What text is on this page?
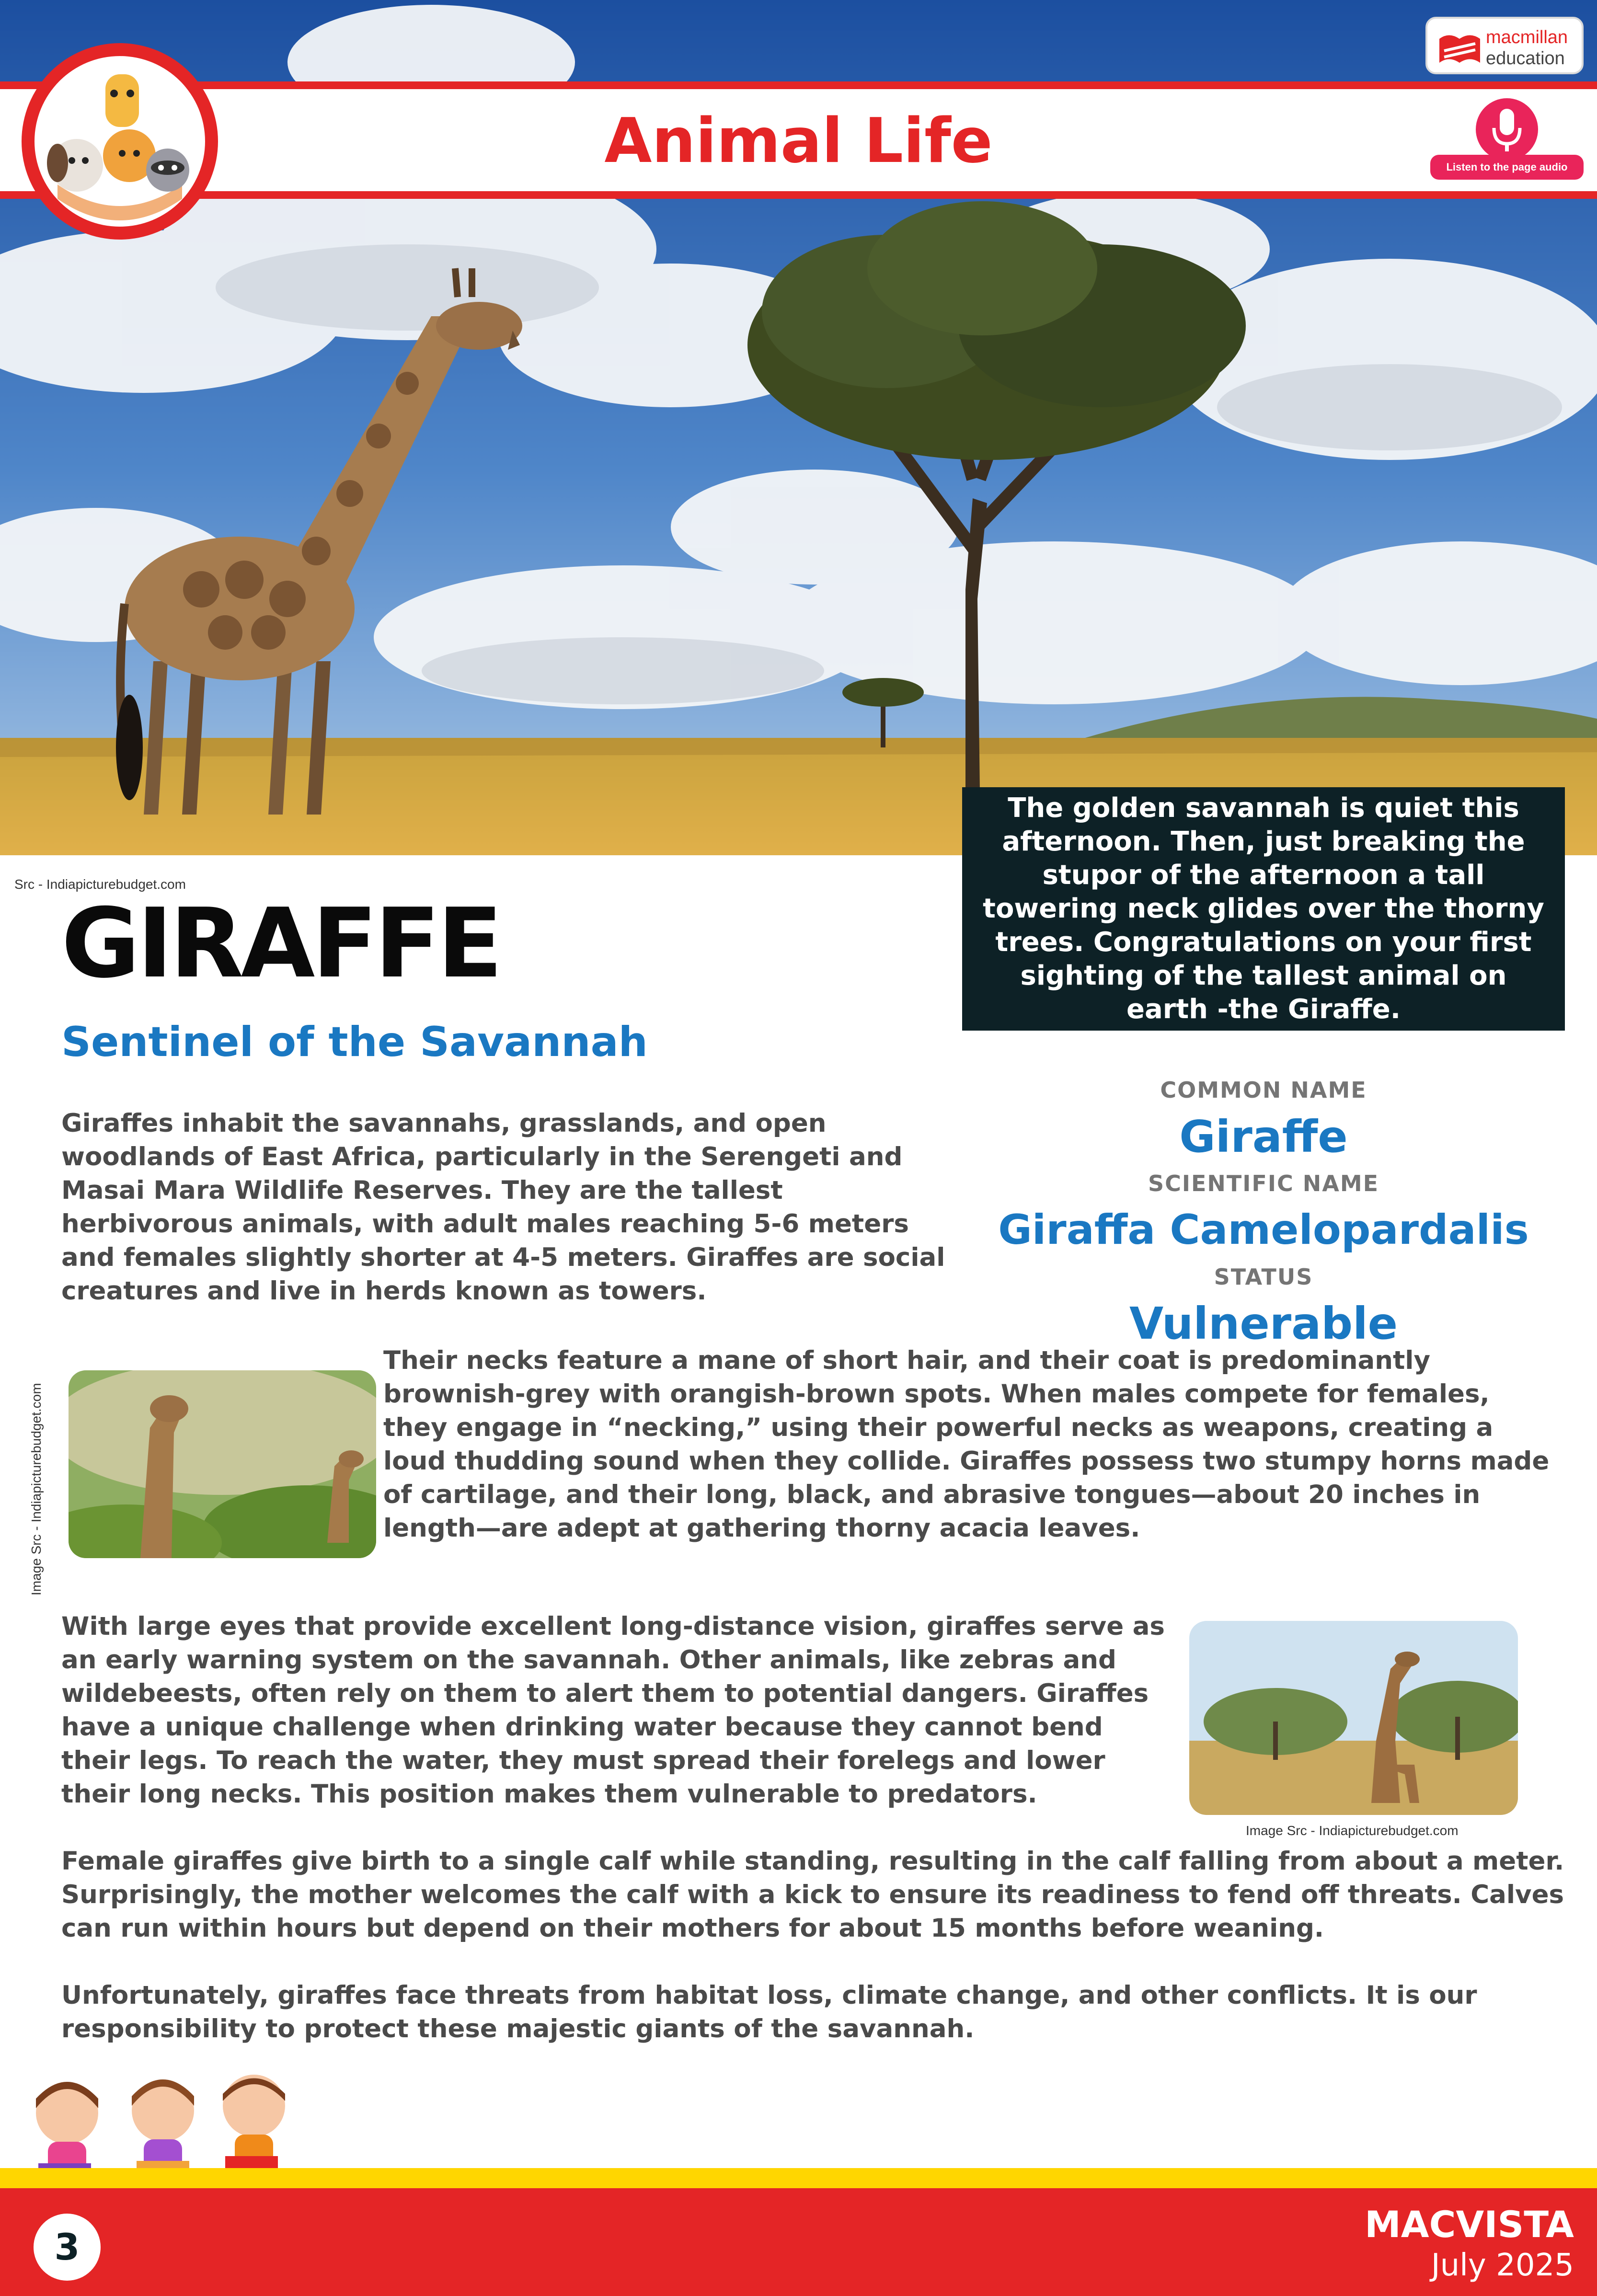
Animal Life
macmillan
education
Listen to the page audio
Src - Indiapicturebudget.com

The golden savannah is quiet this afternoon. Then, just breaking the stupor of the afternoon a tall towering neck glides over the thorny trees. Congratulations on your first sighting of the tallest animal on earth -the Giraffe.

GIRAFFE
Sentinel of the Savannah
COMMON NAME
Giraffe
SCIENTIFIC NAME
Giraffa Camelopardalis
STATUS
Vulnerable
Giraffes inhabit the savannahs, grasslands, and open woodlands of East Africa, particularly in the Serengeti and Masai Mara Wildlife Reserves. They are the tallest herbivorous animals, with adult males reaching 5-6 meters and females slightly shorter at 4-5 meters. Giraffes are social creatures and live in herds known as towers.
Their necks feature a mane of short hair, and their coat is predominantly brownish-grey with orangish-brown spots. When males compete for females, they engage in “necking,” using their powerful necks as weapons, creating a loud thudding sound when they collide. Giraffes possess two stumpy horns made of cartilage, and their long, black, and abrasive tongues—about 20 inches in length—are adept at gathering thorny acacia leaves.
With large eyes that provide excellent long-distance vision, giraffes serve as an early warning system on the savannah. Other animals, like zebras and wildebeests, often rely on them to alert them to potential dangers. Giraffes have a unique challenge when drinking water because they cannot bend their legs. To reach the water, they must spread their forelegs and lower their long necks. This position makes them vulnerable to predators.
Female giraffes give birth to a single calf while standing, resulting in the calf falling from about a meter. Surprisingly, the mother welcomes the calf with a kick to ensure its readiness to fend off threats. Calves can run within hours but depend on their mothers for about 15 months before weaning.
Unfortunately, giraffes face threats from habitat loss, climate change, and other conflicts. It is our responsibility to protect these majestic giants of the savannah.
Image Src - Indiapicturebudget.com
Image Src - Indiapicturebudget.com
3
MACVISTA
July 2025
